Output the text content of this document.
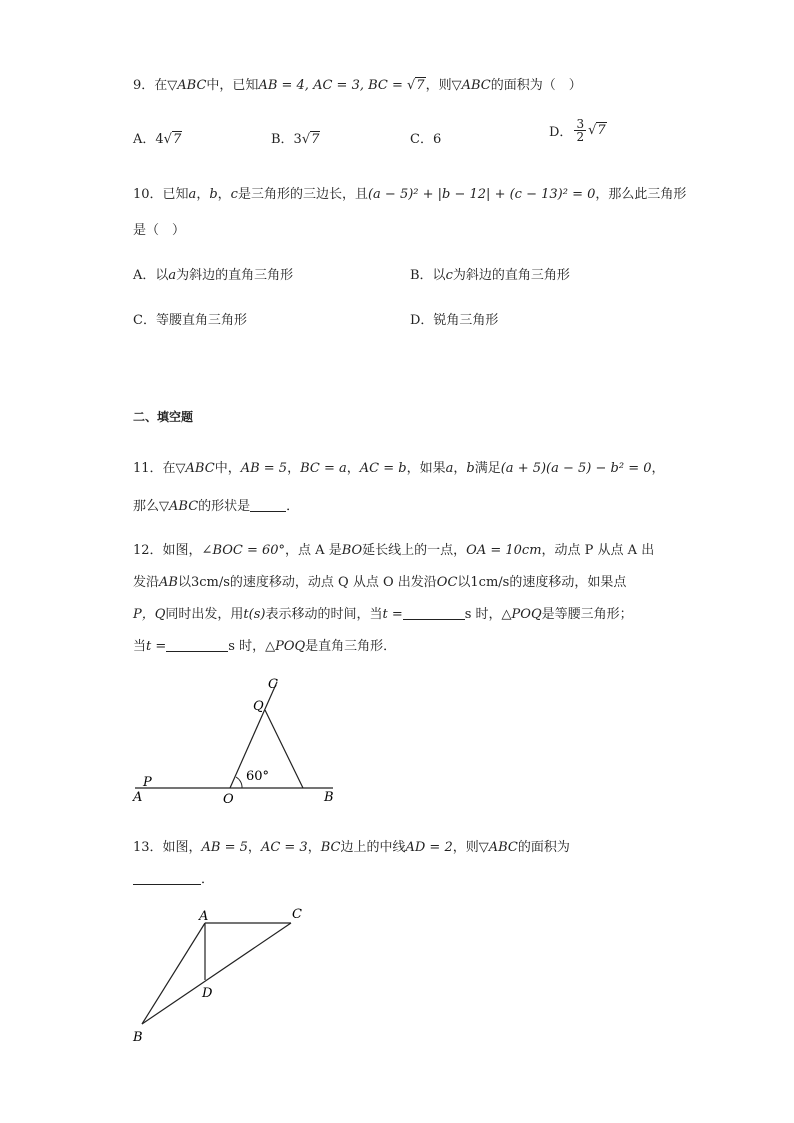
9．在▽ABC中，已知AB = 4, AC = 3, BC = √7，则▽ABC的面积为（　）
A．4√7	B．3√7	C．6	D． $\frac{3}{2} √7$
10．已知a，b，c是三角形的三边长，且(a − 5)² + |b − 12| + (c − 13)² = 0，那么此三角形
是（　）
A．以a为斜边的直角三角形	B．以c为斜边的直角三角形
C．等腰直角三角形	D．锐角三角形
二、填空题
11．在▽ABC中，AB = 5，BC = a，AC = b，如果a，b满足(a + 5)(a − 5) − b² = 0，
那么▽ABC的形状是	．
12．如图，∠BOC = 60°，点 A 是BO延长线上的一点，OA = 10cm，动点 P 从点 A 出
发沿AB以3cm/s的速度移动，动点 Q 从点 O 出发沿OC以1cm/s的速度移动，如果点
P，Q同时出发，用t(s)表示移动的时间，当t =	s 时，△POQ是等腰三角形；
当t =	s 时，△POQ是直角三角形．
C
Q
60°
P
A	O	B
13．如图，AB = 5，AC = 3，BC边上的中线AD = 2，则▽ABC的面积为
．
A	C
D
B
